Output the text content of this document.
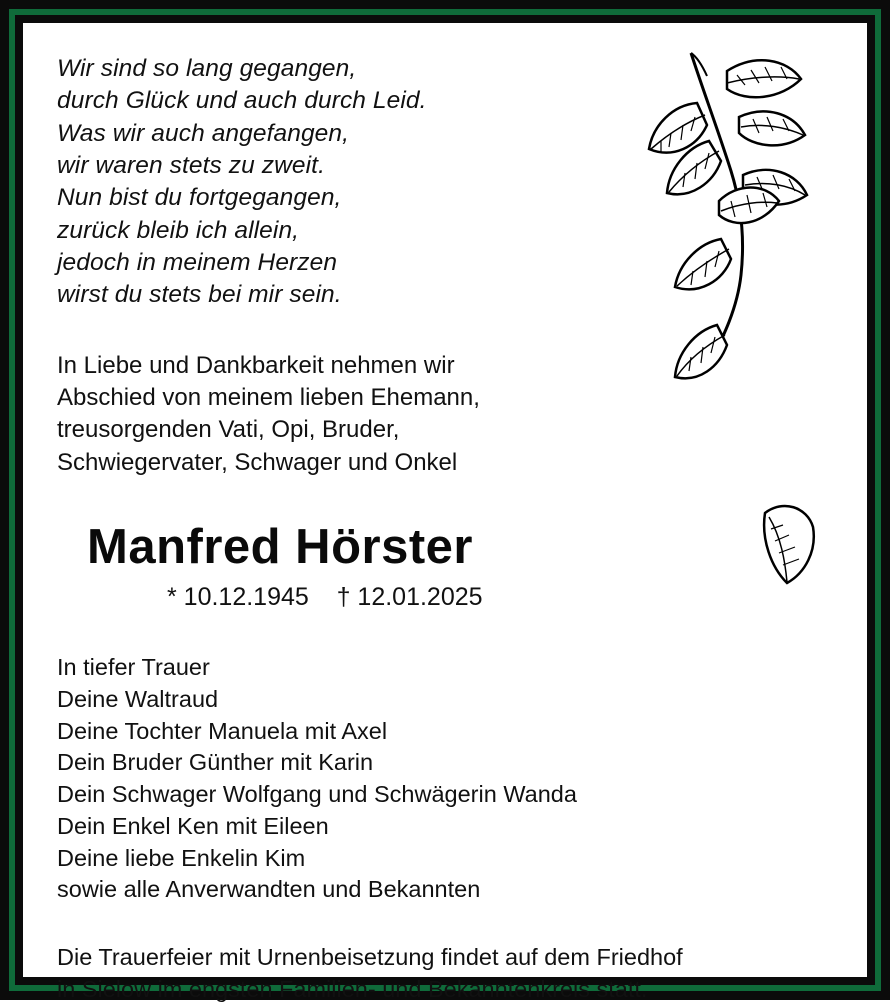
Wir sind so lang gegangen,
durch Glück und auch durch Leid.
Was wir auch angefangen,
wir waren stets zu zweit.
Nun bist du fortgegangen,
zurück bleib ich allein,
jedoch in meinem Herzen
wirst du stets bei mir sein.
In Liebe und Dankbarkeit nehmen wir
Abschied von meinem lieben Ehemann,
treusorgenden Vati, Opi, Bruder,
Schwiegervater, Schwager und Onkel
Manfred Hörster
* 10.12.1945    † 12.01.2025
In tiefer Trauer
Deine Waltraud
Deine Tochter Manuela mit Axel
Dein Bruder Günther mit Karin
Dein Schwager Wolfgang und Schwägerin Wanda
Dein Enkel Ken mit Eileen
Deine liebe Enkelin Kim
sowie alle Anverwandten und Bekannten
Die Trauerfeier mit Urnenbeisetzung findet auf dem Friedhof
in Sielow im engsten Familien- und Bekanntenkreis statt.
